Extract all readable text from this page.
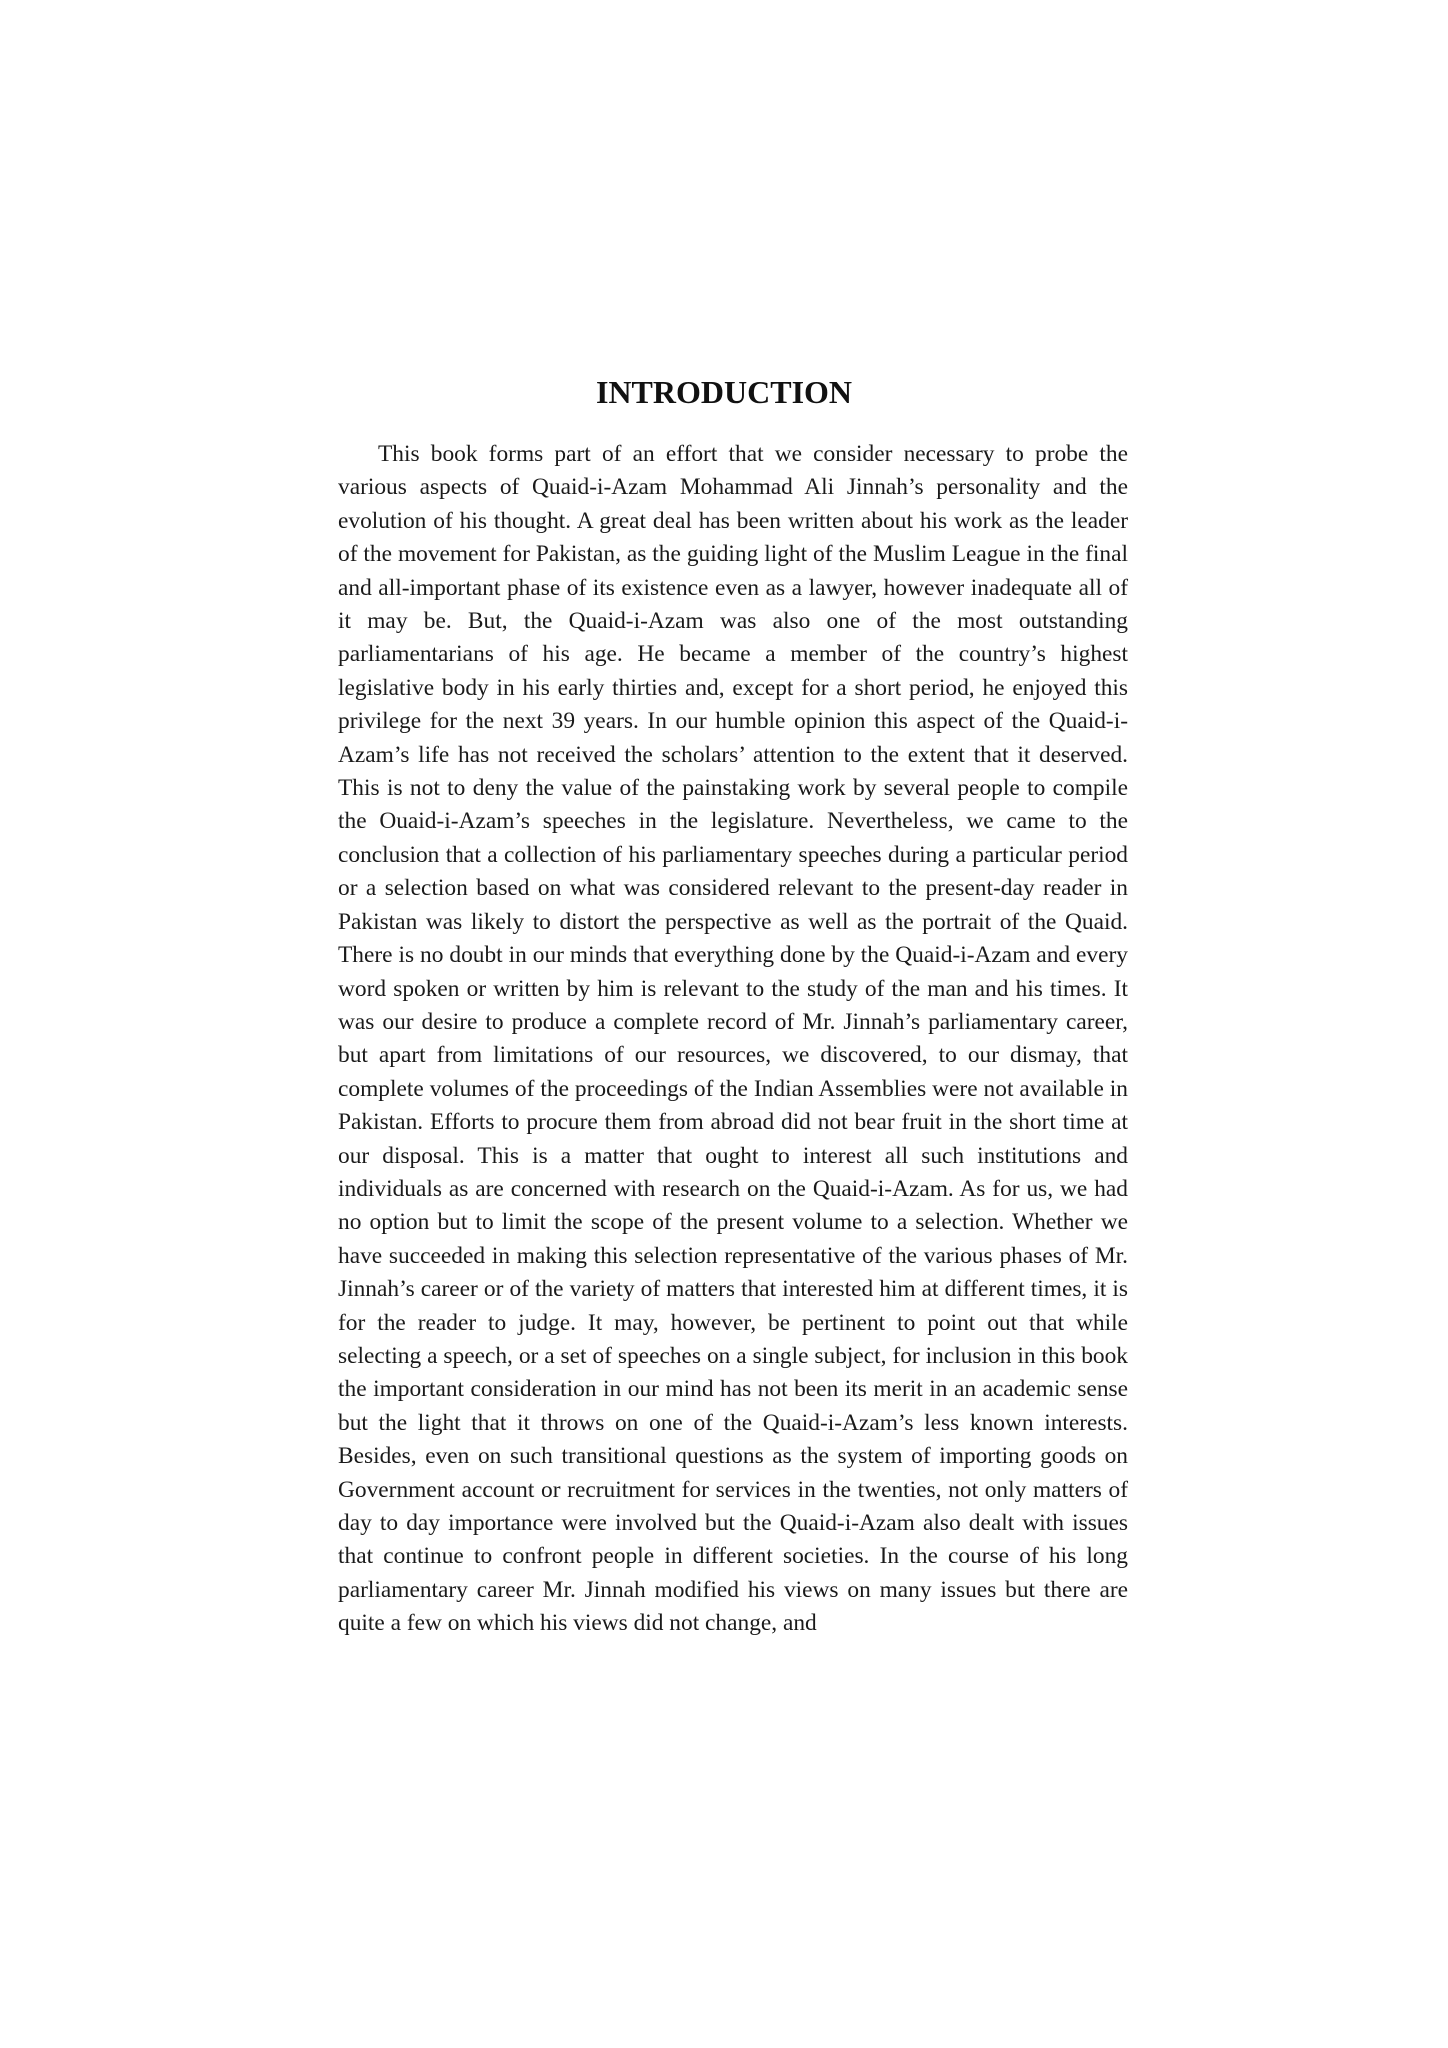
INTRODUCTION

This book forms part of an effort that we consider necessary to probe the various aspects of Quaid-i-Azam Mohammad Ali Jinnah’s personality and the evolution of his thought. A great deal has been written about his work as the leader of the movement for Pakistan, as the guiding light of the Muslim League in the final and all-important phase of its existence even as a lawyer, however inadequate all of it may be. But, the Quaid-i-Azam was also one of the most outstanding parliamentarians of his age. He became a member of the country’s highest legislative body in his early thirties and, except for a short period, he enjoyed this privilege for the next 39 years. In our humble opinion this aspect of the Quaid-i-Azam’s life has not received the scholars’ attention to the extent that it deserved. This is not to deny the value of the painstaking work by several people to compile the Ouaid-i-Azam’s speeches in the legislature. Nevertheless, we came to the conclusion that a collection of his parliamentary speeches during a particular period or a selection based on what was considered relevant to the present-day reader in Pakistan was likely to distort the perspective as well as the portrait of the Quaid. There is no doubt in our minds that everything done by the Quaid-i-Azam and every word spoken or written by him is relevant to the study of the man and his times. It was our desire to produce a complete record of Mr. Jinnah’s parliamentary career, but apart from limitations of our resources, we discovered, to our dismay, that complete volumes of the proceedings of the Indian Assemblies were not available in Pakistan. Efforts to procure them from abroad did not bear fruit in the short time at our disposal. This is a matter that ought to interest all such institutions and individuals as are concerned with research on the Quaid-i-Azam. As for us, we had no option but to limit the scope of the present volume to a selection. Whether we have succeeded in making this selection representative of the various phases of Mr. Jinnah’s career or of the variety of matters that interested him at different times, it is for the reader to judge. It may, however, be pertinent to point out that while selecting a speech, or a set of speeches on a single subject, for inclusion in this book the important consideration in our mind has not been its merit in an academic sense but the light that it throws on one of the Quaid-i-Azam’s less known interests. Besides, even on such transitional questions as the system of importing goods on Government account or recruitment for services in the twenties, not only matters of day to day importance were involved but the Quaid-i-Azam also dealt with issues that continue to confront people in different societies. In the course of his long parliamentary career Mr. Jinnah modified his views on many issues but there are quite a few on which his views did not change, and
